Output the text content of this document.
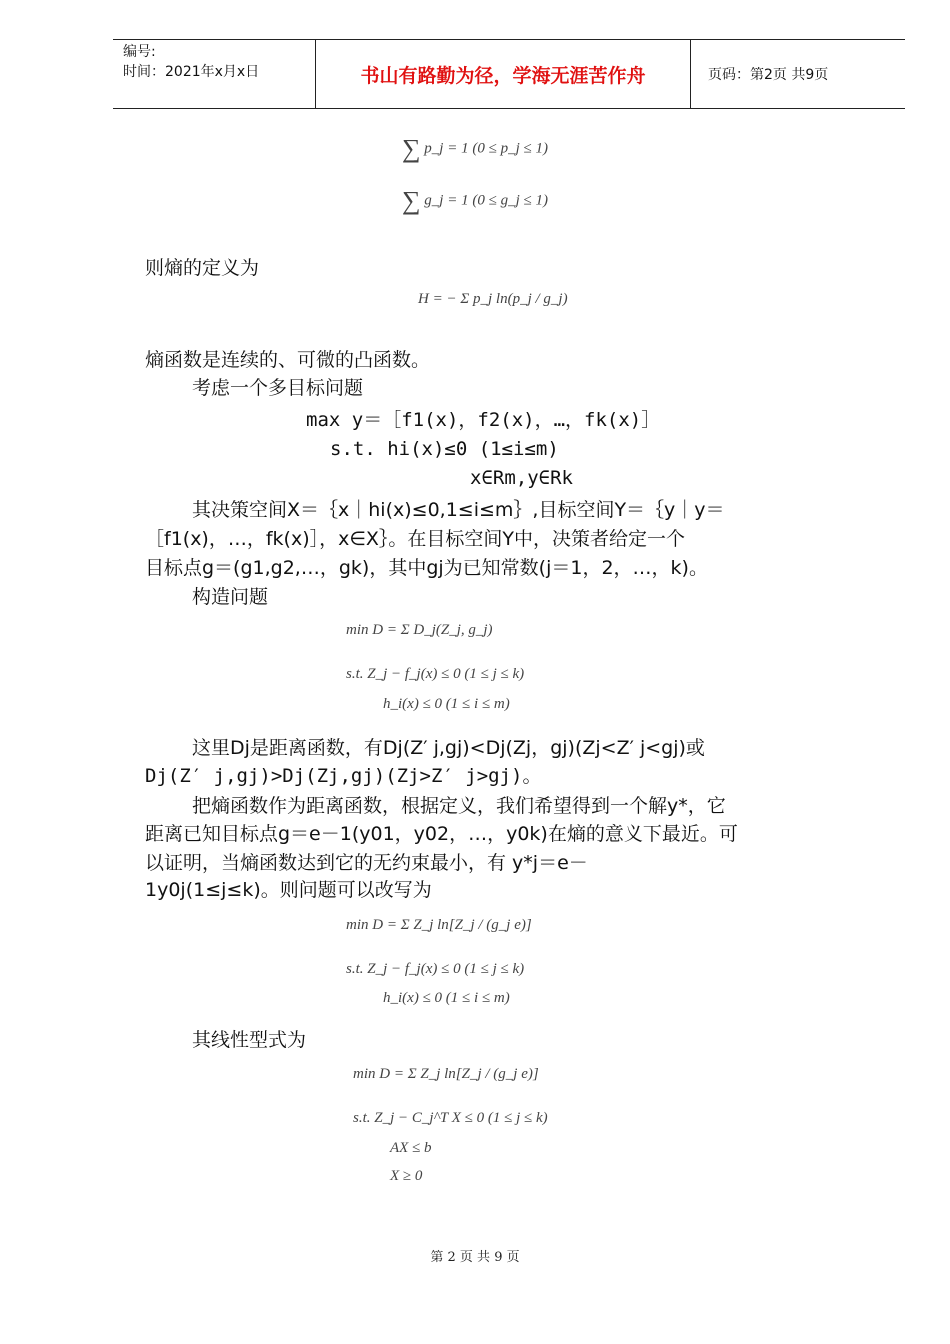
编号:
时间：2021年x月x日	书山有路勤为径，学海无涯苦作舟	页码：第2页 共9页
∑ p_j = 1 (0 ≤ p_j ≤ 1)
∑ g_j = 1 (0 ≤ g_j ≤ 1)
则熵的定义为
H = − Σ p_j ln(p_j / g_j)
熵函数是连续的、可微的凸函数。
考虑一个多目标问题
max y＝［f1(x)，f2(x)，…，fk(x)］
s.t. hi(x)≤0 (1≤i≤m)
x∈Rm,y∈Rk
其决策空间X＝｛x｜hi(x)≤0,1≤i≤m｝,目标空间Y＝｛y｜y＝
［f1(x)，…，fk(x)］，x∈X｝。在目标空间Y中，决策者给定一个
目标点g＝(g1,g2,…，gk)，其中gj为已知常数(j＝1，2，…，k)。
构造问题
min D = Σ D_j(Z_j, g_j)
s.t. Z_j − f_j(x) ≤ 0 (1 ≤ j ≤ k)
h_i(x) ≤ 0 (1 ≤ i ≤ m)
这里Dj是距离函数，有Dj(Z′ j,gj)<Dj(Zj，gj)(Zj<Z′ j<gj)或
Dj(Z′ j,gj)>Dj(Zj,gj)(Zj>Z′ j>gj)。
把熵函数作为距离函数，根据定义，我们希望得到一个解y*，它
距离已知目标点g＝e－1(y01，y02，…，y0k)在熵的意义下最近。可
以证明，当熵函数达到它的无约束最小，有 y*j＝e－
1y0j(1≤j≤k)。则问题可以改写为
min D = Σ Z_j ln[Z_j / (g_j e)]
s.t. Z_j − f_j(x) ≤ 0 (1 ≤ j ≤ k)
h_i(x) ≤ 0 (1 ≤ i ≤ m)
其线性型式为
min D = Σ Z_j ln[Z_j / (g_j e)]
s.t. Z_j − C_j^T X ≤ 0 (1 ≤ j ≤ k)
AX ≤ b
X ≥ 0
第 2 页 共 9 页
